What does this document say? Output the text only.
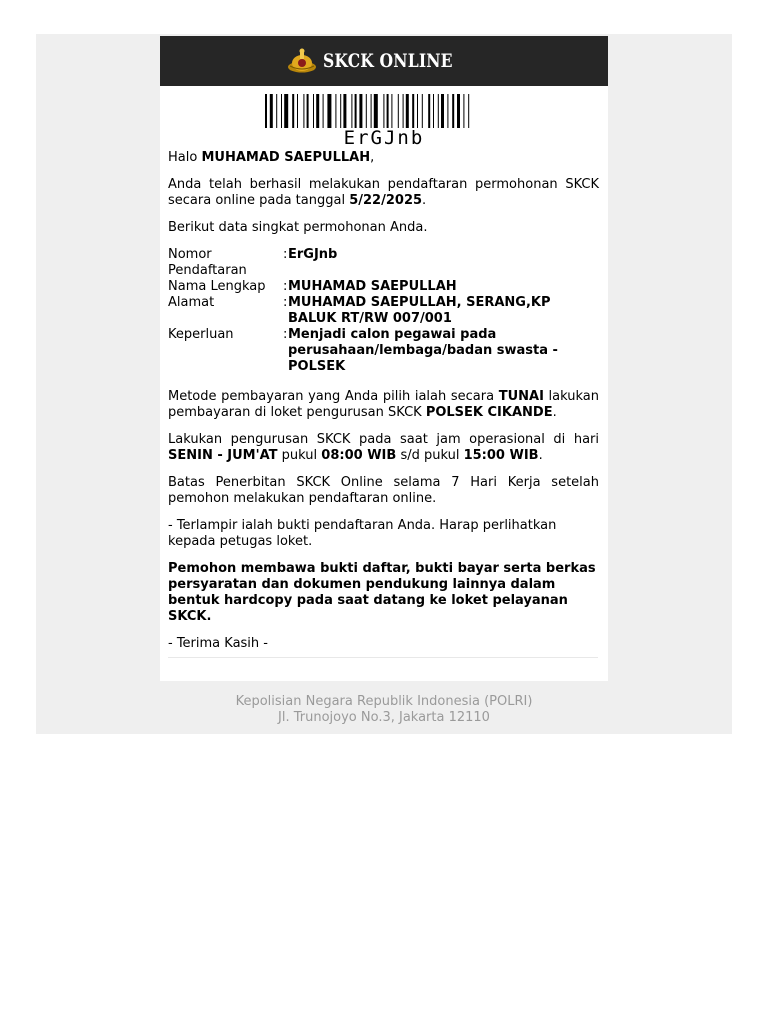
SKCK ONLINE
ErGJnb

Halo MUHAMAD SAEPULLAH,

Anda telah berhasil melakukan pendaftaran permohonan SKCK secara online pada tanggal 5/22/2025.

Berikut data singkat permohonan Anda.

Nomor Pendaftaran	:	ErGJnb
Nama Lengkap	:	MUHAMAD SAEPULLAH
Alamat	:	MUHAMAD SAEPULLAH, SERANG,KP BALUK RT/RW 007/001
Keperluan	:	Menjadi calon pegawai pada perusahaan/lembaga/badan swasta - POLSEK

Metode pembayaran yang Anda pilih ialah secara TUNAI lakukan pembayaran di loket pengurusan SKCK POLSEK CIKANDE.

Lakukan pengurusan SKCK pada saat jam operasional di hari SENIN - JUM'AT pukul 08:00 WIB s/d pukul 15:00 WIB.

Batas Penerbitan SKCK Online selama 7 Hari Kerja setelah pemohon melakukan pendaftaran online.

- Terlampir ialah bukti pendaftaran Anda. Harap perlihatkan kepada petugas loket.

Pemohon membawa bukti daftar, bukti bayar serta berkas persyaratan dan dokumen pendukung lainnya dalam bentuk hardcopy pada saat datang ke loket pelayanan SKCK.

- Terima Kasih -

Kepolisian Negara Republik Indonesia (POLRI)
Jl. Trunojoyo No.3, Jakarta 12110
